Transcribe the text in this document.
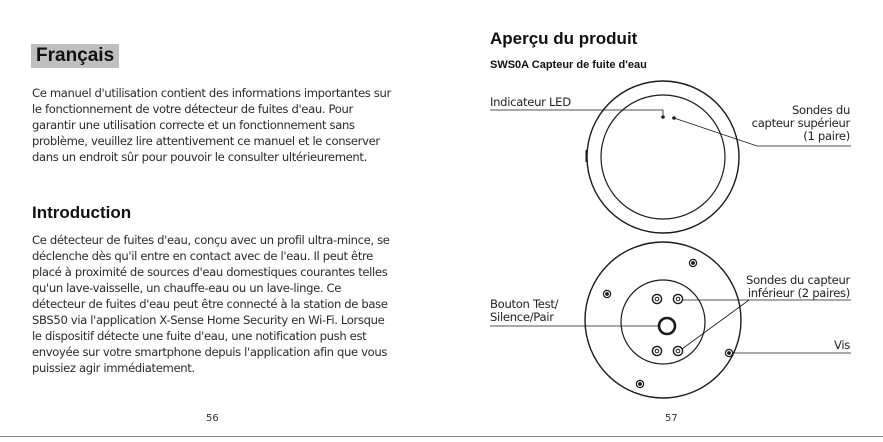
Français

Ce manuel d'utilisation contient des informations importantes sur le fonctionnement de votre détecteur de fuites d'eau. Pour garantir une utilisation correcte et un fonctionnement sans problème, veuillez lire attentivement ce manuel et le conserver dans un endroit sûr pour pouvoir le consulter ultérieurement.

Introduction

Ce détecteur de fuites d'eau, conçu avec un profil ultra-mince, se déclenche dès qu'il entre en contact avec de l'eau. Il peut être placé à proximité de sources d'eau domestiques courantes telles qu'un lave-vaisselle, un chauffe-eau ou un lave-linge. Ce détecteur de fuites d'eau peut être connecté à la station de base SBS50 via l'application X-Sense Home Security en Wi-Fi. Lorsque le dispositif détecte une fuite d'eau, une notification push est envoyée sur votre smartphone depuis l'application afin que vous puissiez agir immédiatement.

56
Aperçu du produit
SWS0A Capteur de fuite d'eau
Indicateur LED
Sondes du
capteur supérieur
(1 paire)
Sondes du capteur
inférieur (2 paires)
Bouton Test/
Silence/Pair
Vis
57
